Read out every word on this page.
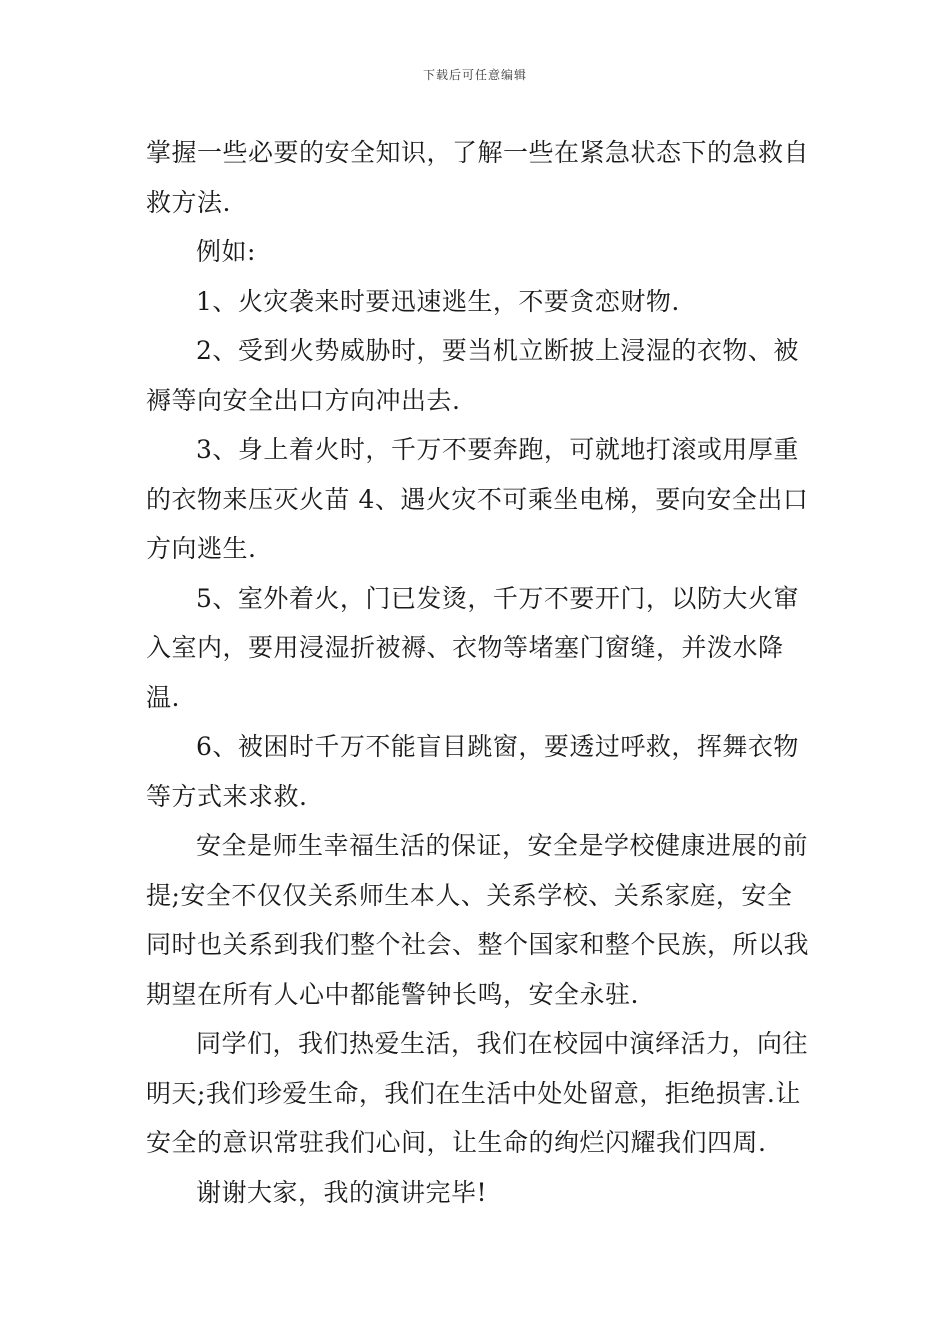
下载后可任意编辑

掌握一些必要的安全知识，了解一些在紧急状态下的急救自救方法.

例如:

1、火灾袭来时要迅速逃生，不要贪恋财物.

2、受到火势威胁时，要当机立断披上浸湿的衣物、被褥等向安全出口方向冲出去.

3、身上着火时，千万不要奔跑，可就地打滚或用厚重的衣物来压灭火苗 4、遇火灾不可乘坐电梯，要向安全出口方向逃生.

5、室外着火，门已发烫，千万不要开门，以防大火窜入室内，要用浸湿折被褥、衣物等堵塞门窗缝，并泼水降温.

6、被困时千万不能盲目跳窗，要透过呼救，挥舞衣物等方式来求救.

安全是师生幸福生活的保证，安全是学校健康进展的前提;安全不仅仅关系师生本人、关系学校、关系家庭，安全同时也关系到我们整个社会、整个国家和整个民族，所以我期望在所有人心中都能警钟长鸣，安全永驻.

同学们，我们热爱生活，我们在校园中演绎活力，向往明天;我们珍爱生命，我们在生活中处处留意，拒绝损害.让安全的意识常驻我们心间，让生命的绚烂闪耀我们四周.

谢谢大家，我的演讲完毕!
